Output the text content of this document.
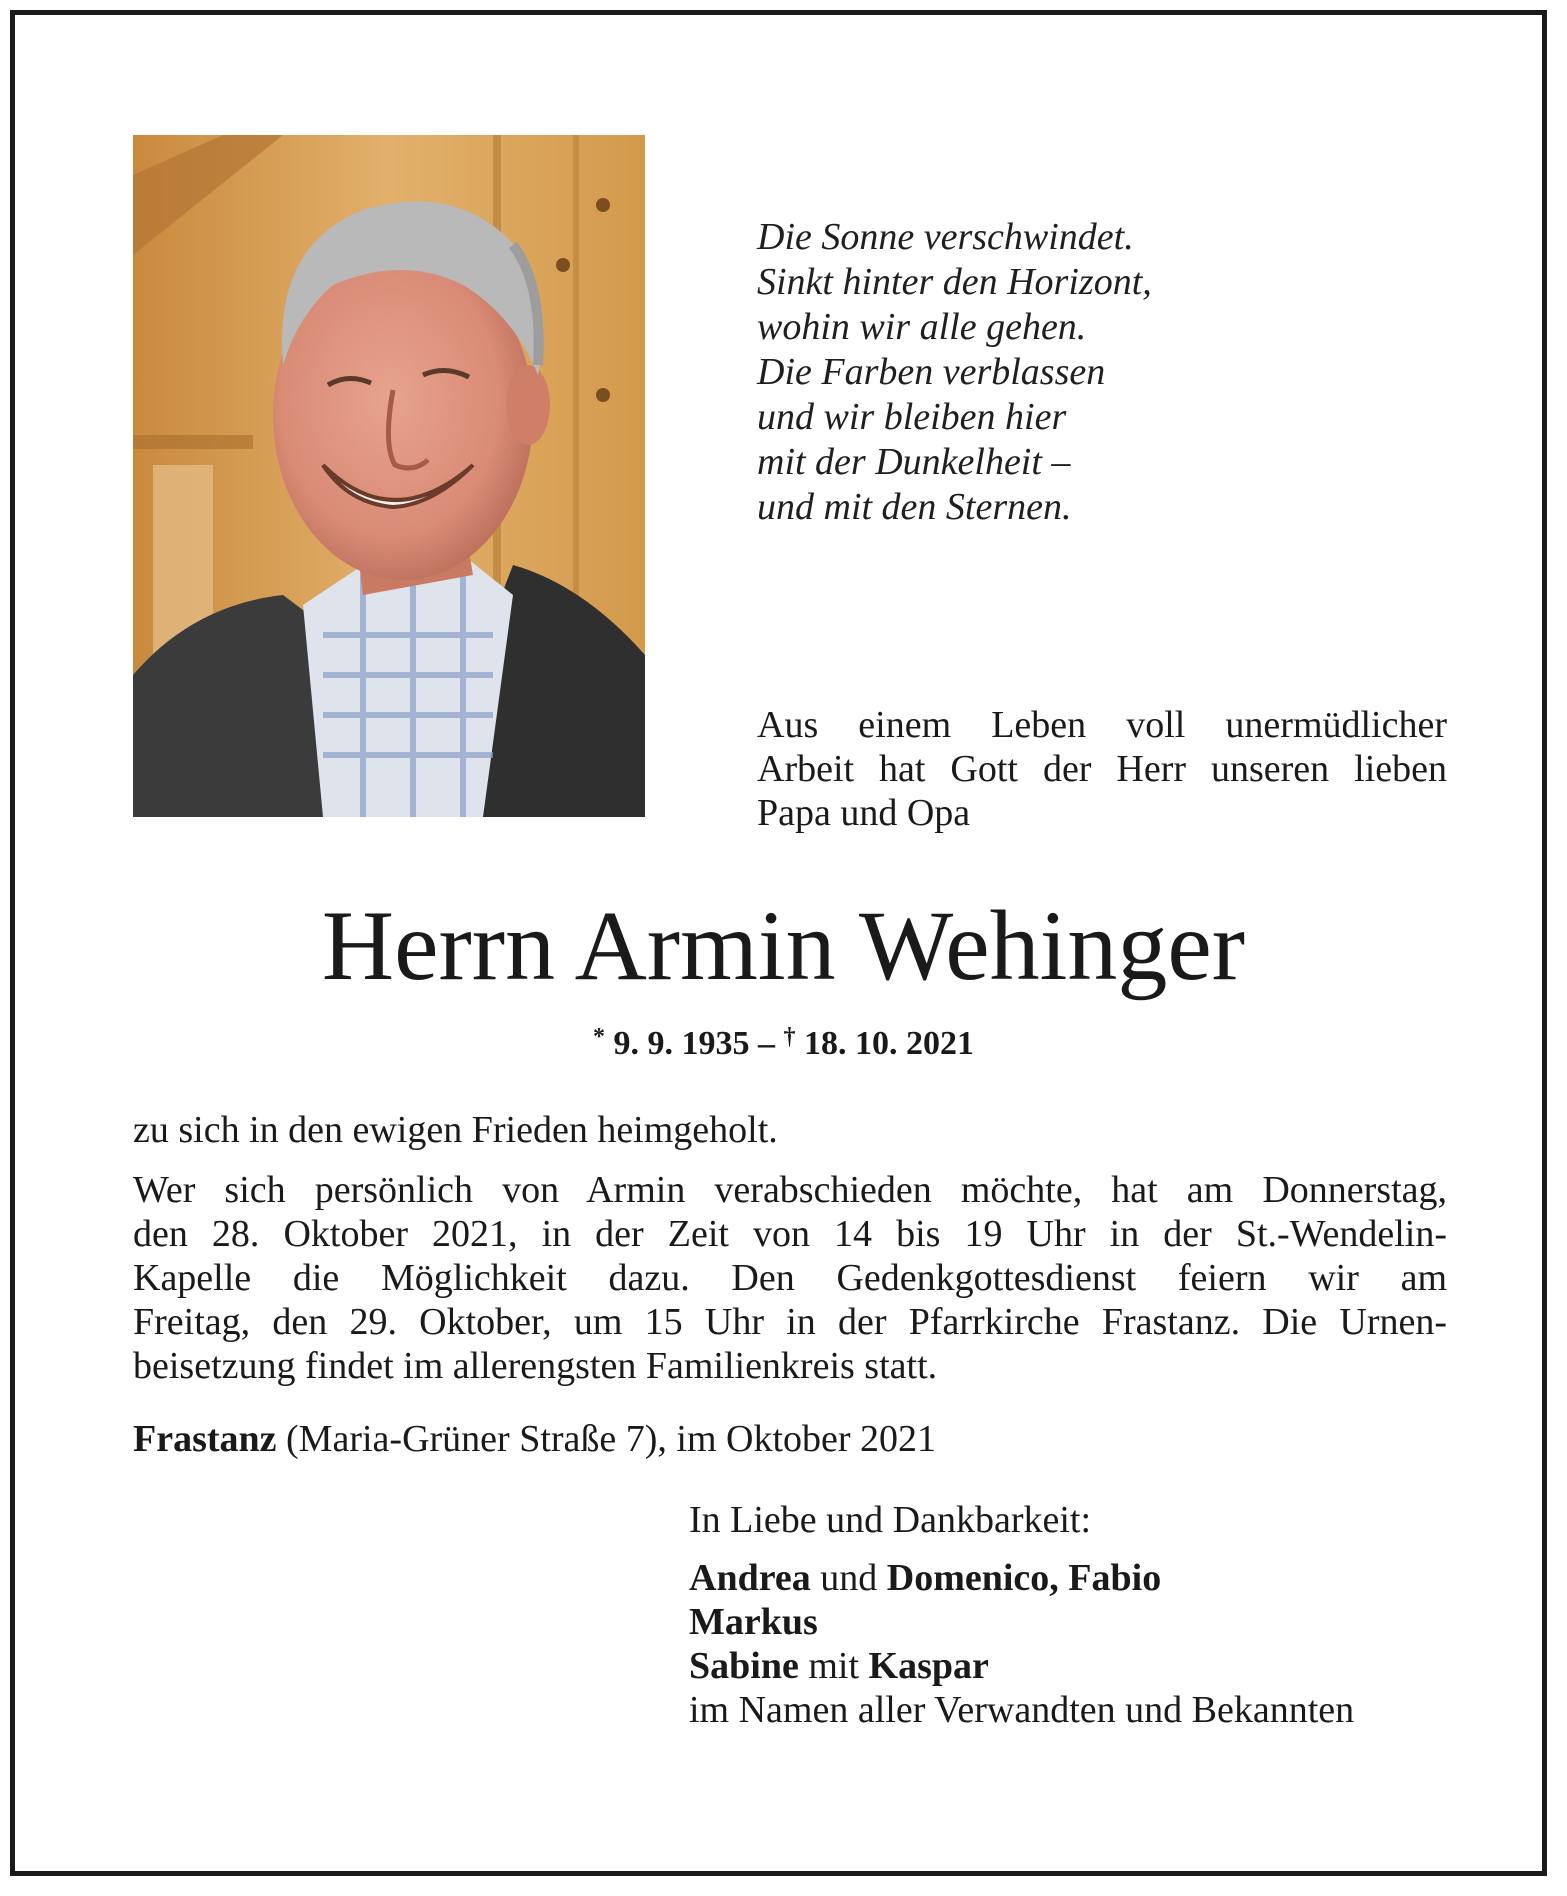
Die Sonne verschwindet.
Sinkt hinter den Horizont,
wohin wir alle gehen.
Die Farben verblassen
und wir bleiben hier
mit der Dunkelheit –
und mit den Sternen.
Aus einem Leben voll unermüdlicher
Arbeit hat Gott der Herr unseren lieben
Papa und Opa
Herrn Armin Wehinger
* 9. 9. 1935 – † 18. 10. 2021
zu sich in den ewigen Frieden heimgeholt.
Wer sich persönlich von Armin verabschieden möchte, hat am Donnerstag,
den 28. Oktober 2021, in der Zeit von 14 bis 19 Uhr in der St.-Wendelin-
Kapelle die Möglichkeit dazu. Den Gedenkgottesdienst feiern wir am
Freitag, den 29. Oktober, um 15 Uhr in der Pfarrkirche Frastanz. Die Urnen-
beisetzung findet im allerengsten Familienkreis statt.
Frastanz (Maria-Grüner Straße 7), im Oktober 2021
In Liebe und Dankbarkeit:
Andrea und Domenico, Fabio
Markus
Sabine mit Kaspar
im Namen aller Verwandten und Bekannten
